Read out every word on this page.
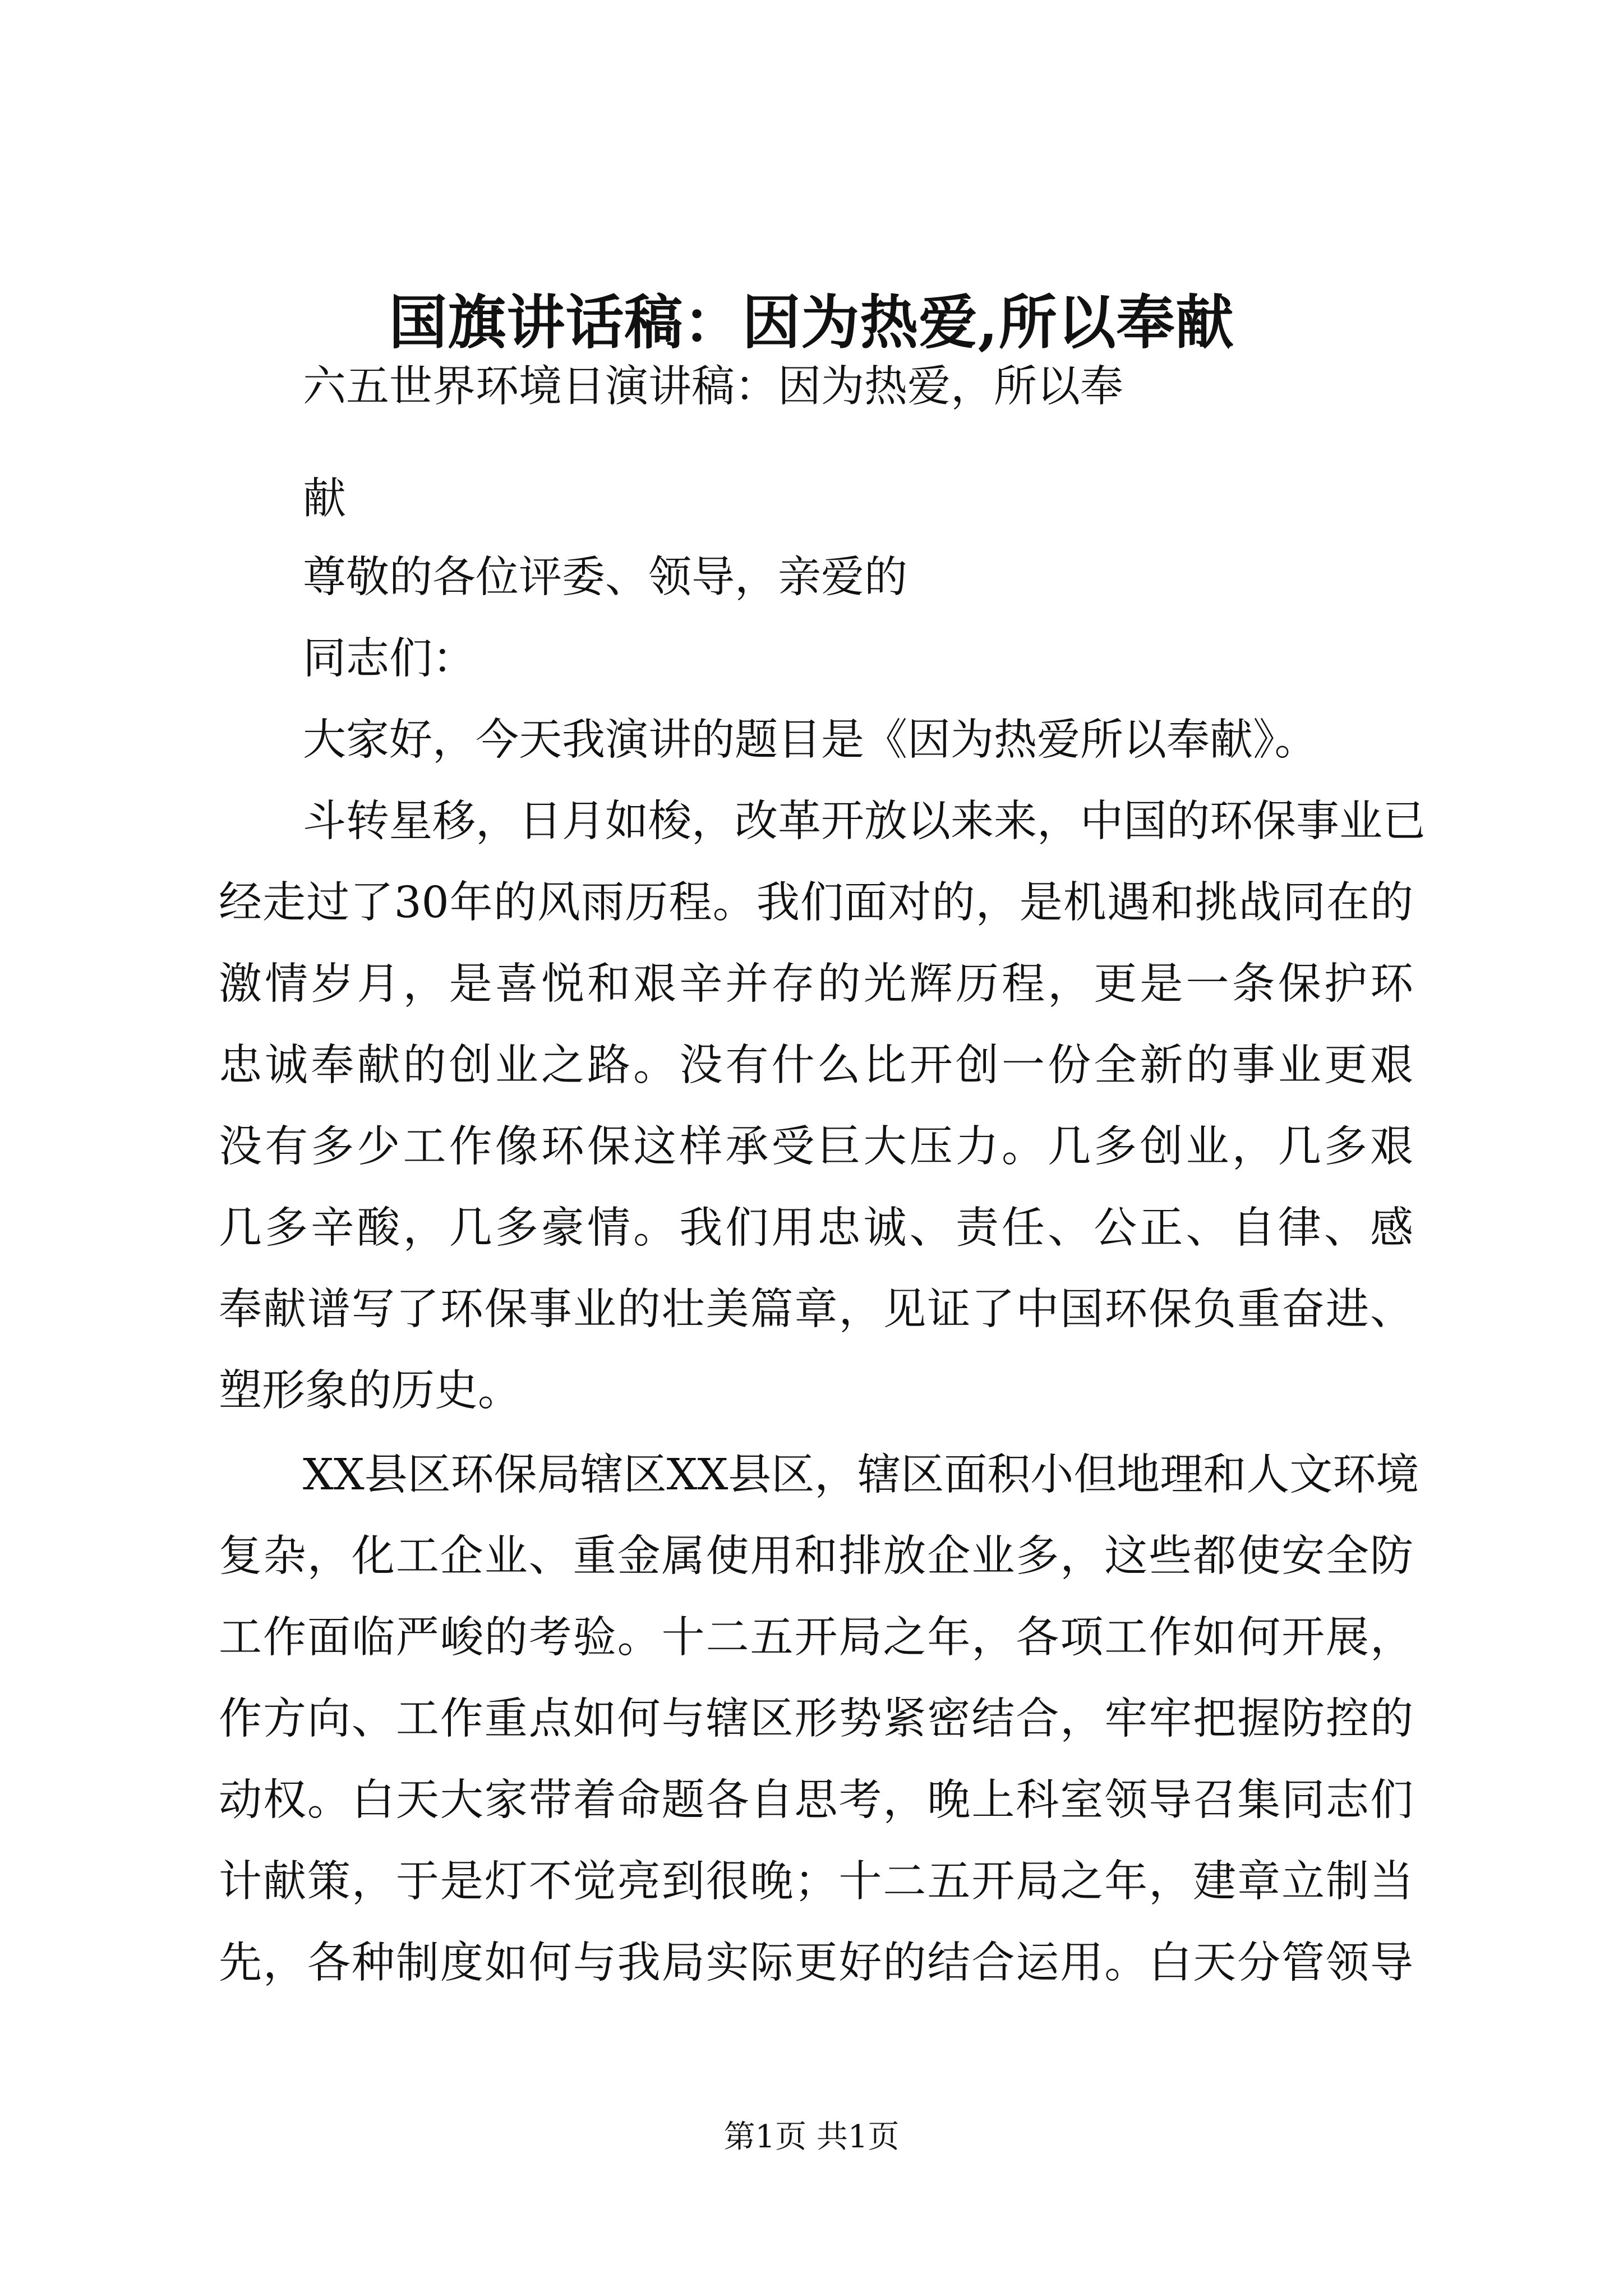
国旗讲话稿：因为热爱,所以奉献

六五世界环境日演讲稿：因为热爱，所以奉

献

尊敬的各位评委、领导，亲爱的

同志们：

大家好，今天我演讲的题目是《因为热爱所以奉献》。

斗转星移，日月如梭，改革开放以来来，中国的环保事业已

经走过了30年的风雨历程。我们面对的，是机遇和挑战同在的

激情岁月，是喜悦和艰辛并存的光辉历程，更是一条保护环

忠诚奉献的创业之路。没有什么比开创一份全新的事业更艰

没有多少工作像环保这样承受巨大压力。几多创业，几多艰

几多辛酸，几多豪情。我们用忠诚、责任、公正、自律、感

奉献谱写了环保事业的壮美篇章，见证了中国环保负重奋进、

塑形象的历史。

XX县区环保局辖区XX县区，辖区面积小但地理和人文环境

复杂，化工企业、重金属使用和排放企业多，这些都使安全防

工作面临严峻的考验。十二五开局之年，各项工作如何开展，

作方向、工作重点如何与辖区形势紧密结合，牢牢把握防控的

动权。白天大家带着命题各自思考，晚上科室领导召集同志们

计献策，于是灯不觉亮到很晚；十二五开局之年，建章立制当

先，各种制度如何与我局实际更好的结合运用。白天分管领导

第1页 共1页
